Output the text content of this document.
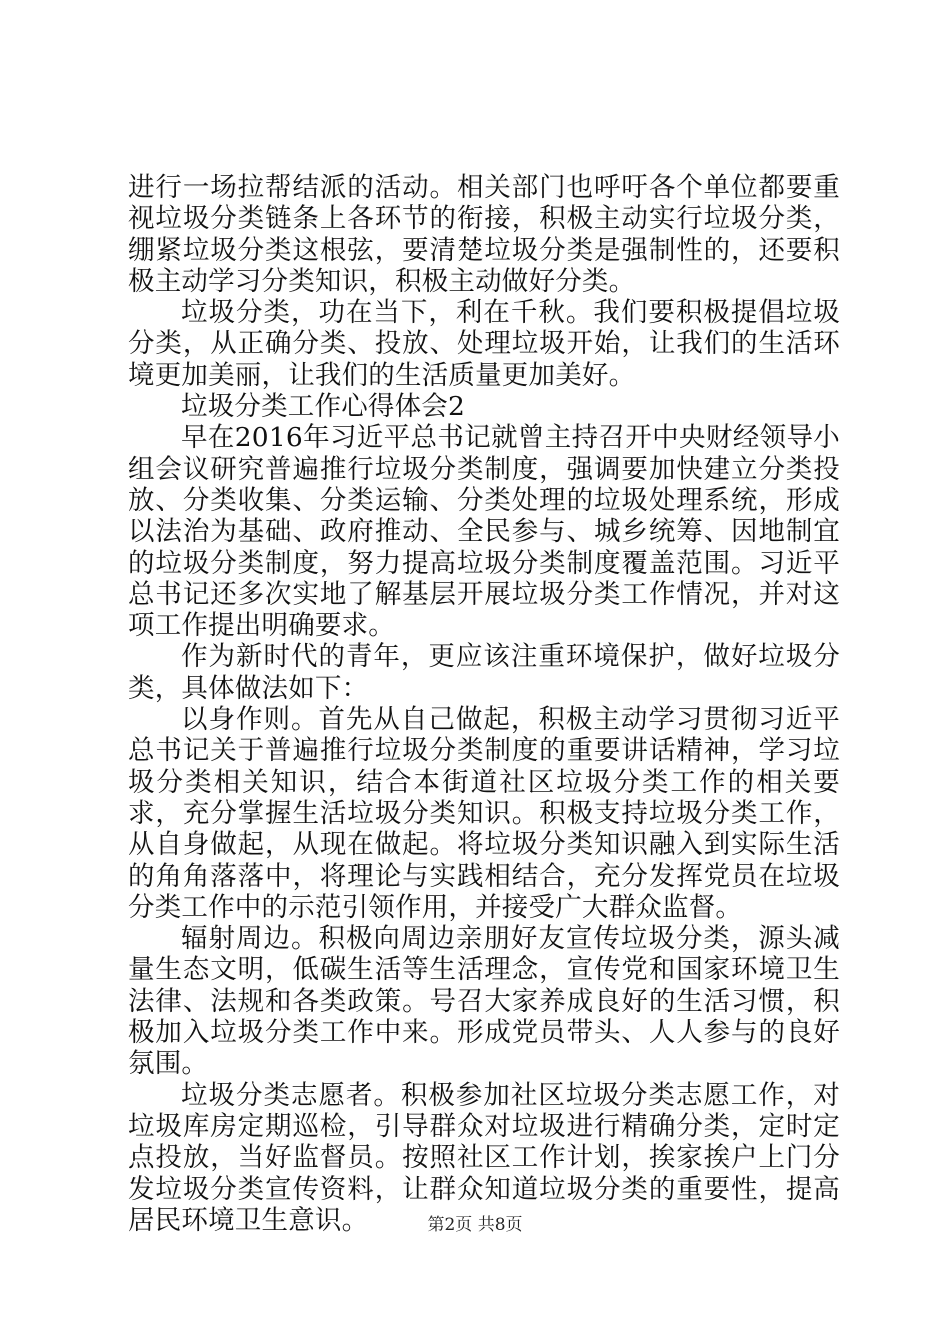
进行一场拉帮结派的活动。相关部门也呼吁各个单位都要重视垃圾分类链条上各环节的衔接，积极主动实行垃圾分类，绷紧垃圾分类这根弦，要清楚垃圾分类是强制性的，还要积极主动学习分类知识，积极主动做好分类。

垃圾分类，功在当下，利在千秋。我们要积极提倡垃圾分类，从正确分类、投放、处理垃圾开始，让我们的生活环境更加美丽，让我们的生活质量更加美好。

垃圾分类工作心得体会2

早在2016年习近平总书记就曾主持召开中央财经领导小组会议研究普遍推行垃圾分类制度，强调要加快建立分类投放、分类收集、分类运输、分类处理的垃圾处理系统，形成以法治为基础、政府推动、全民参与、城乡统筹、因地制宜的垃圾分类制度，努力提高垃圾分类制度覆盖范围。习近平总书记还多次实地了解基层开展垃圾分类工作情况，并对这项工作提出明确要求。

作为新时代的青年，更应该注重环境保护，做好垃圾分类，具体做法如下：

以身作则。首先从自己做起，积极主动学习贯彻习近平总书记关于普遍推行垃圾分类制度的重要讲话精神，学习垃圾分类相关知识，结合本街道社区垃圾分类工作的相关要求，充分掌握生活垃圾分类知识。积极支持垃圾分类工作，从自身做起，从现在做起。将垃圾分类知识融入到实际生活的角角落落中，将理论与实践相结合，充分发挥党员在垃圾分类工作中的示范引领作用，并接受广大群众监督。

辐射周边。积极向周边亲朋好友宣传垃圾分类，源头减量生态文明，低碳生活等生活理念，宣传党和国家环境卫生法律、法规和各类政策。号召大家养成良好的生活习惯，积极加入垃圾分类工作中来。形成党员带头、人人参与的良好氛围。

垃圾分类志愿者。积极参加社区垃圾分类志愿工作，对垃圾库房定期巡检，引导群众对垃圾进行精确分类，定时定点投放，当好监督员。按照社区工作计划，挨家挨户上门分发垃圾分类宣传资料，让群众知道垃圾分类的重要性，提高居民环境卫生意识。	第2页 共8页
